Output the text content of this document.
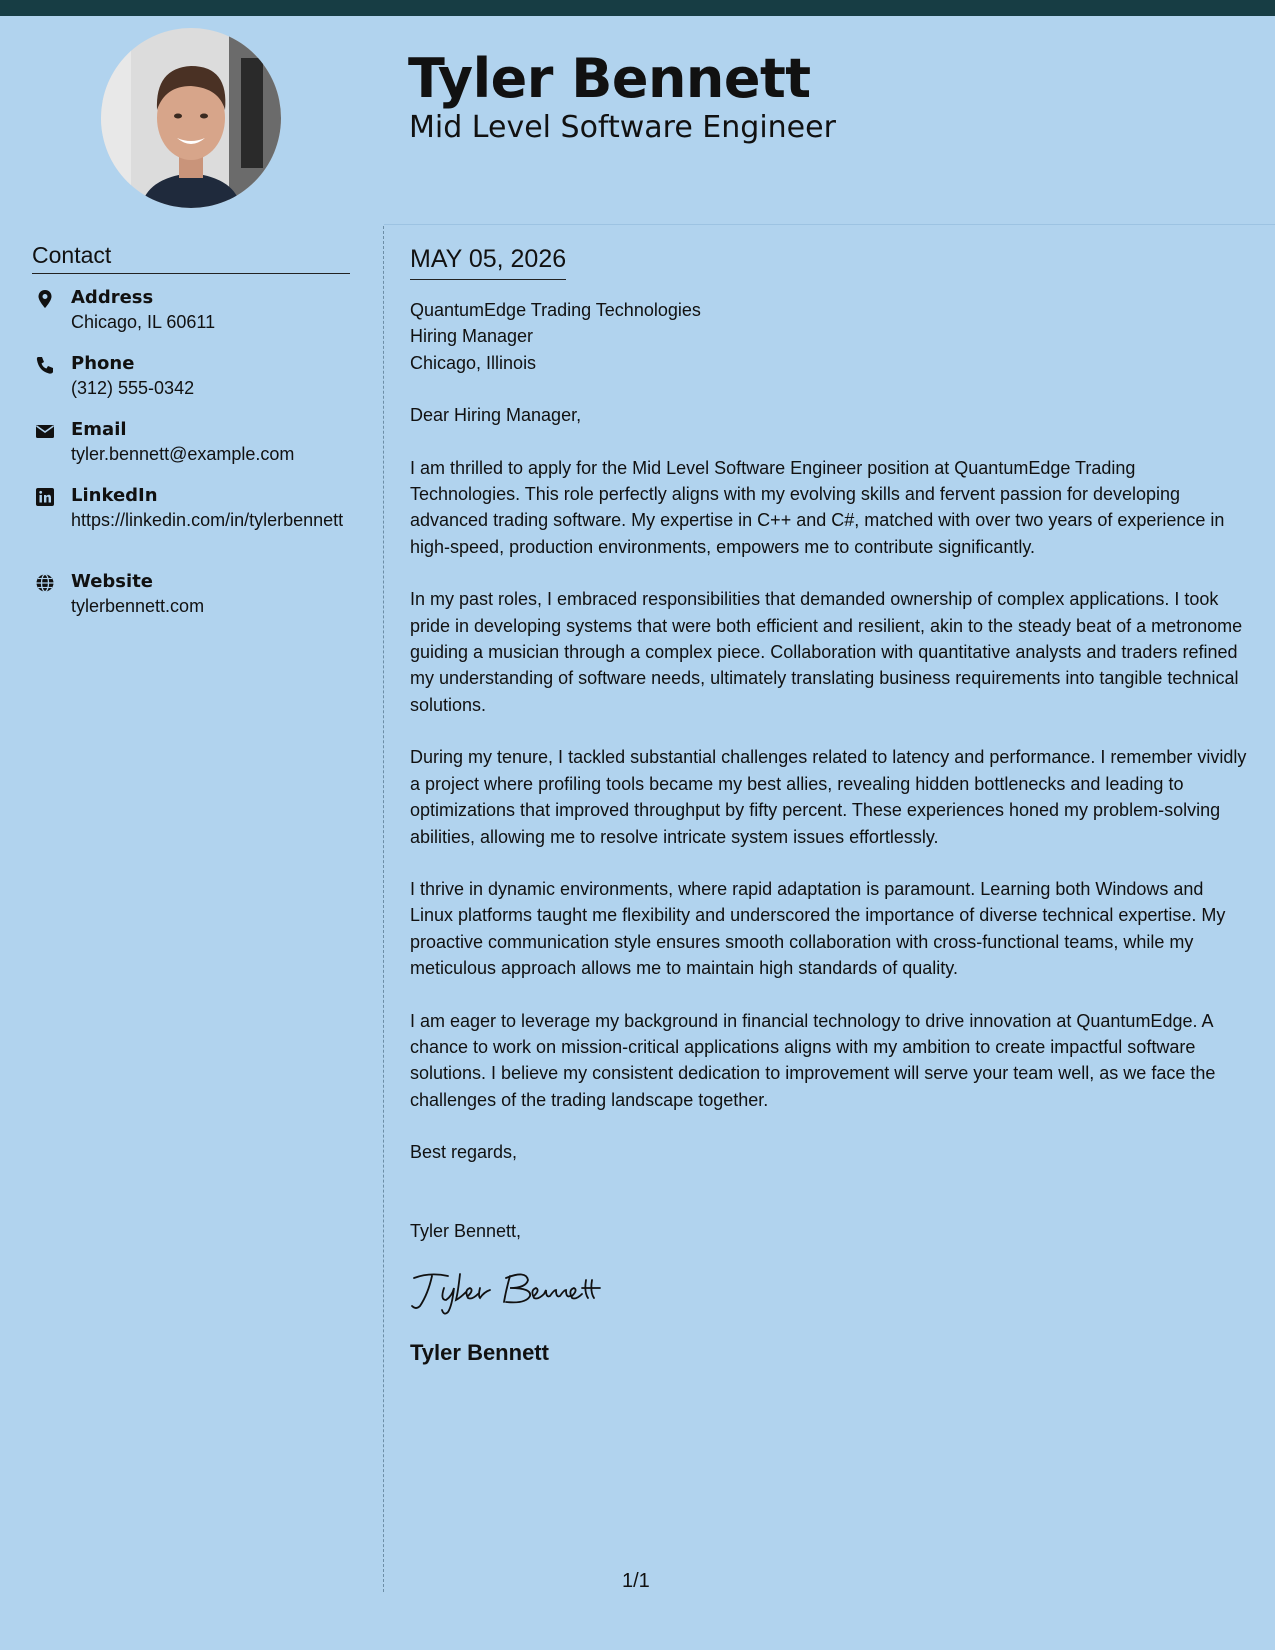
Tyler Bennett
Mid Level Software Engineer
Contact
Address
Chicago, IL 60611
Phone
(312) 555-0342
Email
tyler.bennett@example.com
LinkedIn
https://linkedin.com/in/tylerbennett
Website
tylerbennett.com
MAY 05, 2026

QuantumEdge Trading Technologies

Hiring Manager

Chicago, Illinois

Dear Hiring Manager,

I am thrilled to apply for the Mid Level Software Engineer position at QuantumEdge Trading Technologies. This role perfectly aligns with my evolving skills and fervent passion for developing advanced trading software. My expertise in C++ and C#, matched with over two years of experience in high-speed, production environments, empowers me to contribute significantly.

In my past roles, I embraced responsibilities that demanded ownership of complex applications. I took pride in developing systems that were both efficient and resilient, akin to the steady beat of a metronome guiding a musician through a complex piece. Collaboration with quantitative analysts and traders refined my understanding of software needs, ultimately translating business requirements into tangible technical solutions.

During my tenure, I tackled substantial challenges related to latency and performance. I remember vividly a project where profiling tools became my best allies, revealing hidden bottlenecks and leading to optimizations that improved throughput by fifty percent. These experiences honed my problem-solving abilities, allowing me to resolve intricate system issues effortlessly.

I thrive in dynamic environments, where rapid adaptation is paramount. Learning both Windows and Linux platforms taught me flexibility and underscored the importance of diverse technical expertise. My proactive communication style ensures smooth collaboration with cross-functional teams, while my meticulous approach allows me to maintain high standards of quality.

I am eager to leverage my background in financial technology to drive innovation at QuantumEdge. A chance to work on mission-critical applications aligns with my ambition to create impactful software solutions. I believe my consistent dedication to improvement will serve your team well, as we face the challenges of the trading landscape together.

Best regards,

Tyler Bennett,

Tyler Bennett
1/1
